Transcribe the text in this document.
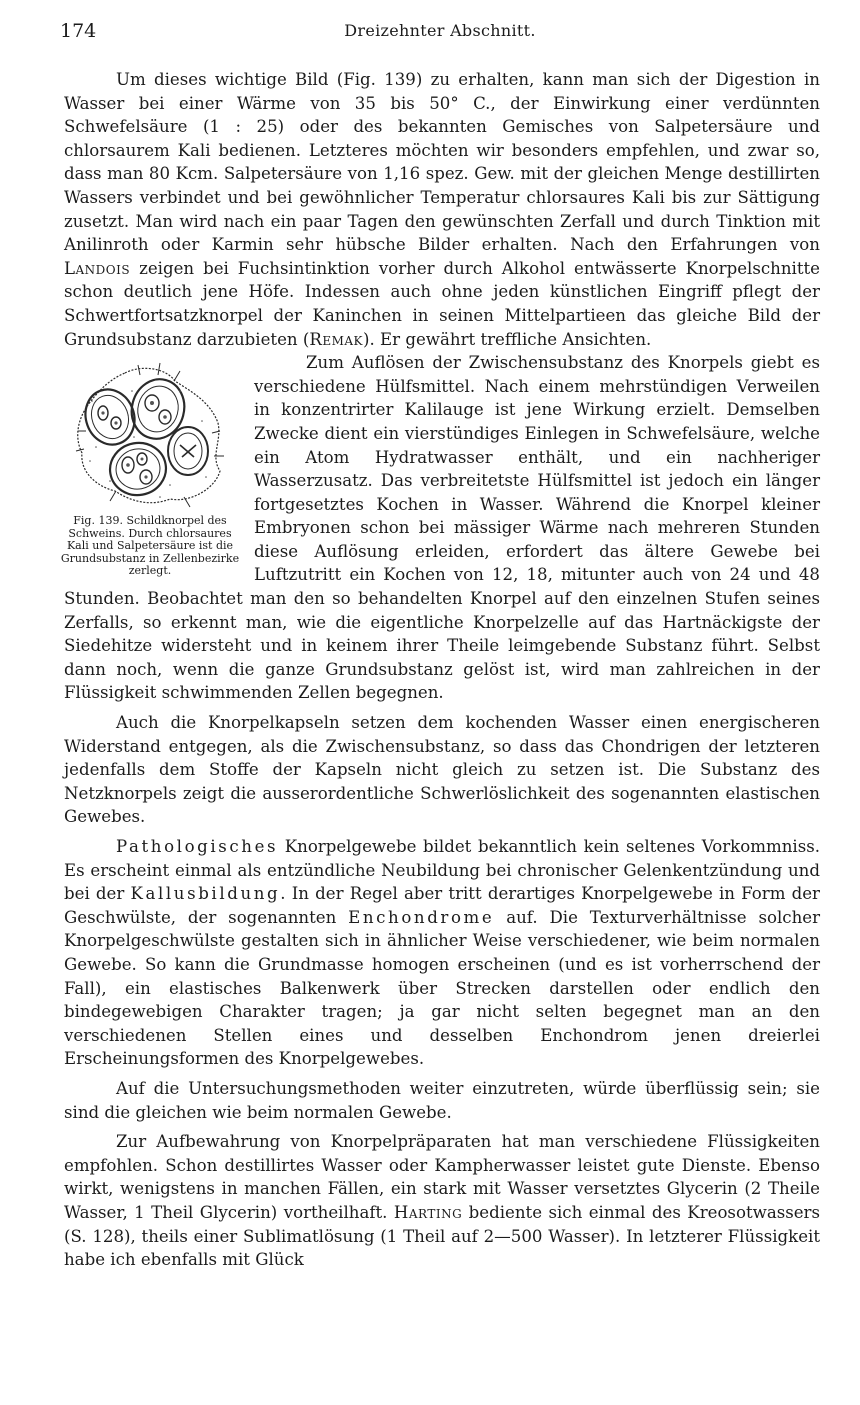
174	Dreizehnter Abschnitt.

Um dieses wichtige Bild (Fig. 139) zu erhalten, kann man sich der Digestion in Wasser bei einer Wärme von 35 bis 50° C., der Einwirkung einer verdünnten Schwefelsäure (1 : 25) oder des bekannten Gemisches von Salpetersäure und chlorsaurem Kali bedienen. Letzteres möchten wir besonders empfehlen, und zwar so, dass man 80 Kcm. Salpetersäure von 1,16 spez. Gew. mit der gleichen Menge destillirten Wassers verbindet und bei gewöhnlicher Temperatur chlorsaures Kali bis zur Sättigung zusetzt. Man wird nach ein paar Tagen den gewünschten Zerfall und durch Tinktion mit Anilinroth oder Karmin sehr hübsche Bilder erhalten. Nach den Erfahrungen von Landois zeigen bei Fuchsintinktion vorher durch Alkohol entwässerte Knorpelschnitte schon deutlich jene Höfe. Indessen auch ohne jeden künstlichen Eingriff pflegt der Schwertfortsatzknorpel der Kaninchen in seinen Mittelpartieen das gleiche Bild der Grundsubstanz darzubieten (Remak). Er gewährt treffliche Ansichten.

Fig. 139. Schildknorpel des Schweins. Durch chlorsaures Kali und Salpetersäure ist die Grundsubstanz in Zellenbezirke zerlegt.

Zum Auflösen der Zwischensubstanz des Knorpels giebt es verschiedene Hülfsmittel. Nach einem mehrstündigen Verweilen in konzentrirter Kalilauge ist jene Wirkung erzielt. Demselben Zwecke dient ein vierstündiges Einlegen in Schwefelsäure, welche ein Atom Hydratwasser enthält, und ein nachheriger Wasserzusatz. Das verbreitetste Hülfsmittel ist jedoch ein länger fortgesetztes Kochen in Wasser. Während die Knorpel kleiner Embryonen schon bei mässiger Wärme nach mehreren Stunden diese Auflösung erleiden, erfordert das ältere Gewebe bei Luftzutritt ein Kochen von 12, 18, mitunter auch von 24 und 48 Stunden. Beobachtet man den so behandelten Knorpel auf den einzelnen Stufen seines Zerfalls, so erkennt man, wie die eigentliche Knorpelzelle auf das Hartnäckigste der Siedehitze widersteht und in keinem ihrer Theile leimgebende Substanz führt. Selbst dann noch, wenn die ganze Grundsubstanz gelöst ist, wird man zahlreichen in der Flüssigkeit schwimmenden Zellen begegnen.

Auch die Knorpelkapseln setzen dem kochenden Wasser einen energischeren Widerstand entgegen, als die Zwischensubstanz, so dass das Chondrigen der letzteren jedenfalls dem Stoffe der Kapseln nicht gleich zu setzen ist. Die Substanz des Netzknorpels zeigt die ausserordentliche Schwerlöslichkeit des sogenannten elastischen Gewebes.

Pathologisches Knorpelgewebe bildet bekanntlich kein seltenes Vorkommniss. Es erscheint einmal als entzündliche Neubildung bei chronischer Gelenkentzündung und bei der Kallusbildung. In der Regel aber tritt derartiges Knorpelgewebe in Form der Geschwülste, der sogenannten Enchondrome auf. Die Texturverhältnisse solcher Knorpelgeschwülste gestalten sich in ähnlicher Weise verschiedener, wie beim normalen Gewebe. So kann die Grundmasse homogen erscheinen (und es ist vorherrschend der Fall), ein elastisches Balkenwerk über Strecken darstellen oder endlich den bindegewebigen Charakter tragen; ja gar nicht selten begegnet man an den verschiedenen Stellen eines und desselben Enchondrom jenen dreierlei Erscheinungsformen des Knorpelgewebes.

Auf die Untersuchungsmethoden weiter einzutreten, würde überflüssig sein; sie sind die gleichen wie beim normalen Gewebe.

Zur Aufbewahrung von Knorpelpräparaten hat man verschiedene Flüssigkeiten empfohlen. Schon destillirtes Wasser oder Kampherwasser leistet gute Dienste. Ebenso wirkt, wenigstens in manchen Fällen, ein stark mit Wasser versetztes Glycerin (2 Theile Wasser, 1 Theil Glycerin) vortheilhaft. Harting bediente sich einmal des Kreosotwassers (S. 128), theils einer Sublimatlösung (1 Theil auf 2—500 Wasser). In letzterer Flüssigkeit habe ich ebenfalls mit Glück
